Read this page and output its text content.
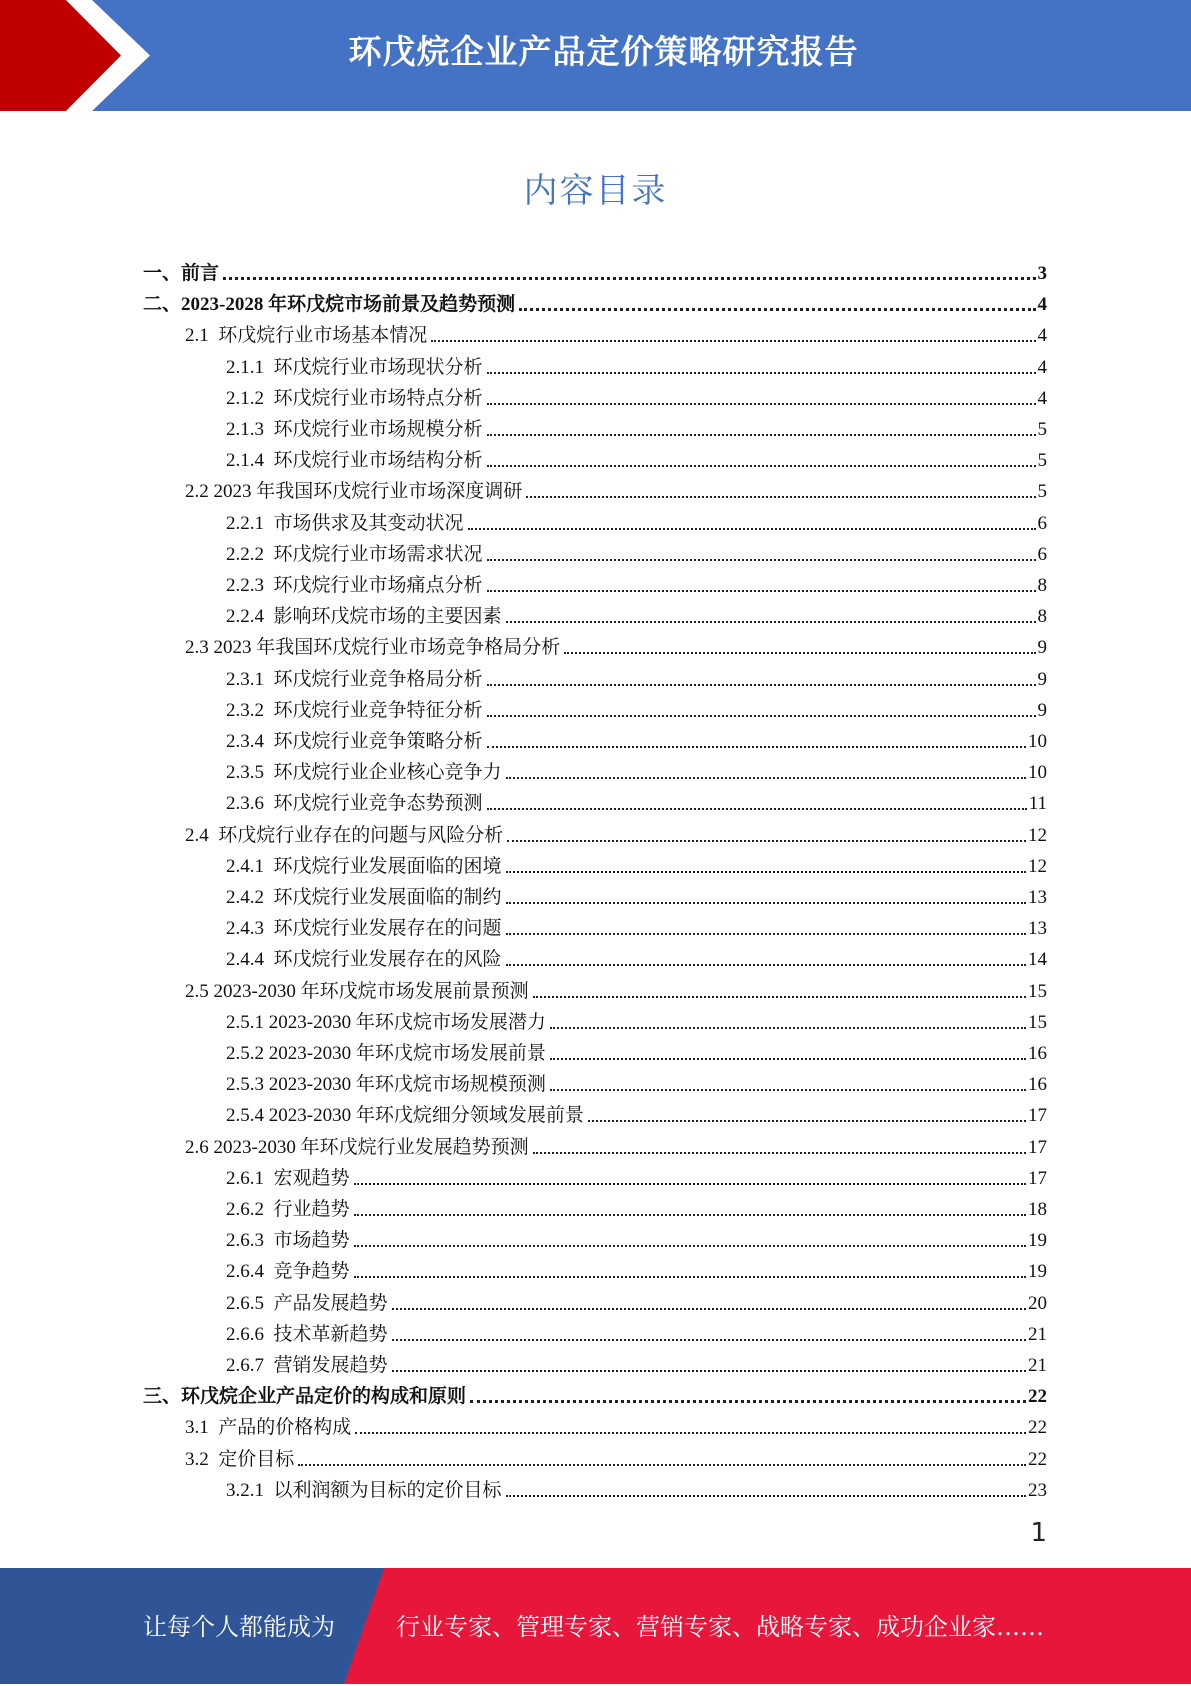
环戊烷企业产品定价策略研究报告
内容目录
一、前言	3
二、2023-2028 年环戊烷市场前景及趋势预测	4
2.1  环戊烷行业市场基本情况	4
2.1.1  环戊烷行业市场现状分析	4
2.1.2  环戊烷行业市场特点分析	4
2.1.3  环戊烷行业市场规模分析	5
2.1.4  环戊烷行业市场结构分析	5
2.2 2023 年我国环戊烷行业市场深度调研	5
2.2.1  市场供求及其变动状况	6
2.2.2  环戊烷行业市场需求状况	6
2.2.3  环戊烷行业市场痛点分析	8
2.2.4  影响环戊烷市场的主要因素	8
2.3 2023 年我国环戊烷行业市场竞争格局分析	9
2.3.1  环戊烷行业竞争格局分析	9
2.3.2  环戊烷行业竞争特征分析	9
2.3.4  环戊烷行业竞争策略分析	10
2.3.5  环戊烷行业企业核心竞争力	10
2.3.6  环戊烷行业竞争态势预测	11
2.4  环戊烷行业存在的问题与风险分析	12
2.4.1  环戊烷行业发展面临的困境	12
2.4.2  环戊烷行业发展面临的制约	13
2.4.3  环戊烷行业发展存在的问题	13
2.4.4  环戊烷行业发展存在的风险	14
2.5 2023-2030 年环戊烷市场发展前景预测	15
2.5.1 2023-2030 年环戊烷市场发展潜力	15
2.5.2 2023-2030 年环戊烷市场发展前景	16
2.5.3 2023-2030 年环戊烷市场规模预测	16
2.5.4 2023-2030 年环戊烷细分领域发展前景	17
2.6 2023-2030 年环戊烷行业发展趋势预测	17
2.6.1  宏观趋势	17
2.6.2  行业趋势	18
2.6.3  市场趋势	19
2.6.4  竞争趋势	19
2.6.5  产品发展趋势	20
2.6.6  技术革新趋势	21
2.6.7  营销发展趋势	21
三、环戊烷企业产品定价的构成和原则	22
3.1  产品的价格构成	22
3.2  定价目标	22
3.2.1  以利润额为目标的定价目标	23
1
让每个人都能成为	行业专家、管理专家、营销专家、战略专家、成功企业家……
